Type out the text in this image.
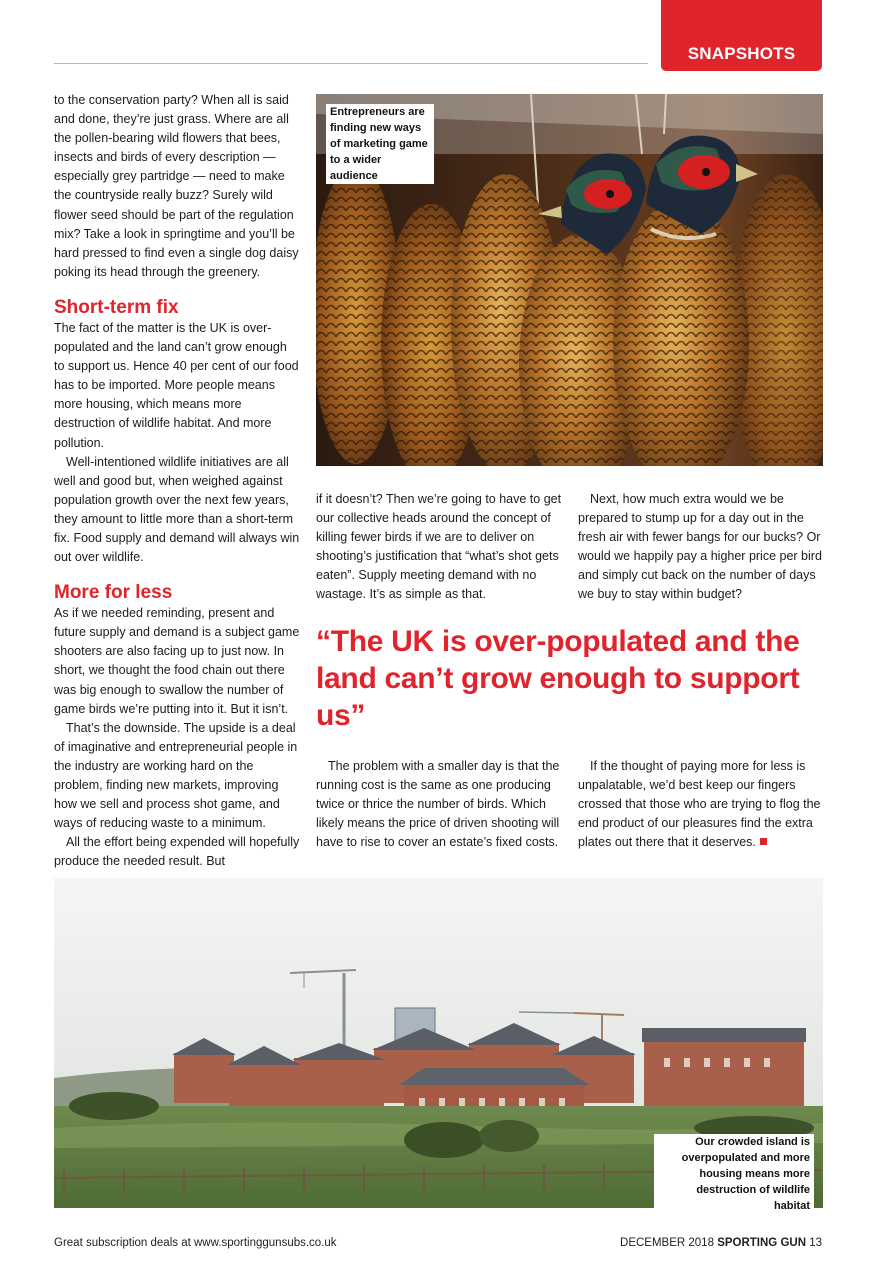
SNAPSHOTS

to the conservation party? When all is said and done, they’re just grass. Where are all the pollen-bearing wild flowers that bees, insects and birds of every description — especially grey partridge — need to make the countryside really buzz? Surely wild flower seed should be part of the regulation mix? Take a look in springtime and you’ll be hard pressed to find even a single dog daisy poking its head through the greenery.

Short-term fix

The fact of the matter is the UK is over-populated and the land can’t grow enough to support us. Hence 40 per cent of our food has to be imported. More people means more housing, which means more destruction of wildlife habitat. And more pollution.

Well-intentioned wildlife initiatives are all well and good but, when weighed against population growth over the next few years, they amount to little more than a short-term fix. Food supply and demand will always win out over wildlife.

More for less

As if we needed reminding, present and future supply and demand is a subject game shooters are also facing up to just now. In short, we thought the food chain out there was big enough to swallow the number of game birds we’re putting into it. But it isn’t.

That’s the downside. The upside is a deal of imaginative and entrepreneurial people in the industry are working hard on the problem, finding new markets, improving how we sell and process shot game, and ways of reducing waste to a minimum.

All the effort being expended will hopefully produce the needed result. But

Entrepreneurs are finding new ways of marketing game to a wider audience

if it doesn’t? Then we’re going to have to get our collective heads around the concept of killing fewer birds if we are to deliver on shooting’s justification that “what’s shot gets eaten”. Supply meeting demand with no wastage. It’s as simple as that.

Next, how much extra would we be prepared to stump up for a day out in the fresh air with fewer bangs for our bucks? Or would we happily pay a higher price per bird and simply cut back on the number of days we buy to stay within budget?

“The UK is over-populated and the land can’t grow enough to support us”

The problem with a smaller day is that the running cost is the same as one producing twice or thrice the number of birds. Which likely means the price of driven shooting will have to rise to cover an estate’s fixed costs.

If the thought of paying more for less is unpalatable, we’d best keep our fingers crossed that those who are trying to flog the end product of our pleasures find the extra plates out there that it deserves.

Our crowded island is overpopulated and more housing means more destruction of wildlife habitat
Great subscription deals at www.sportinggunsubs.co.uk	DECEMBER 2018 SPORTING GUN 13
